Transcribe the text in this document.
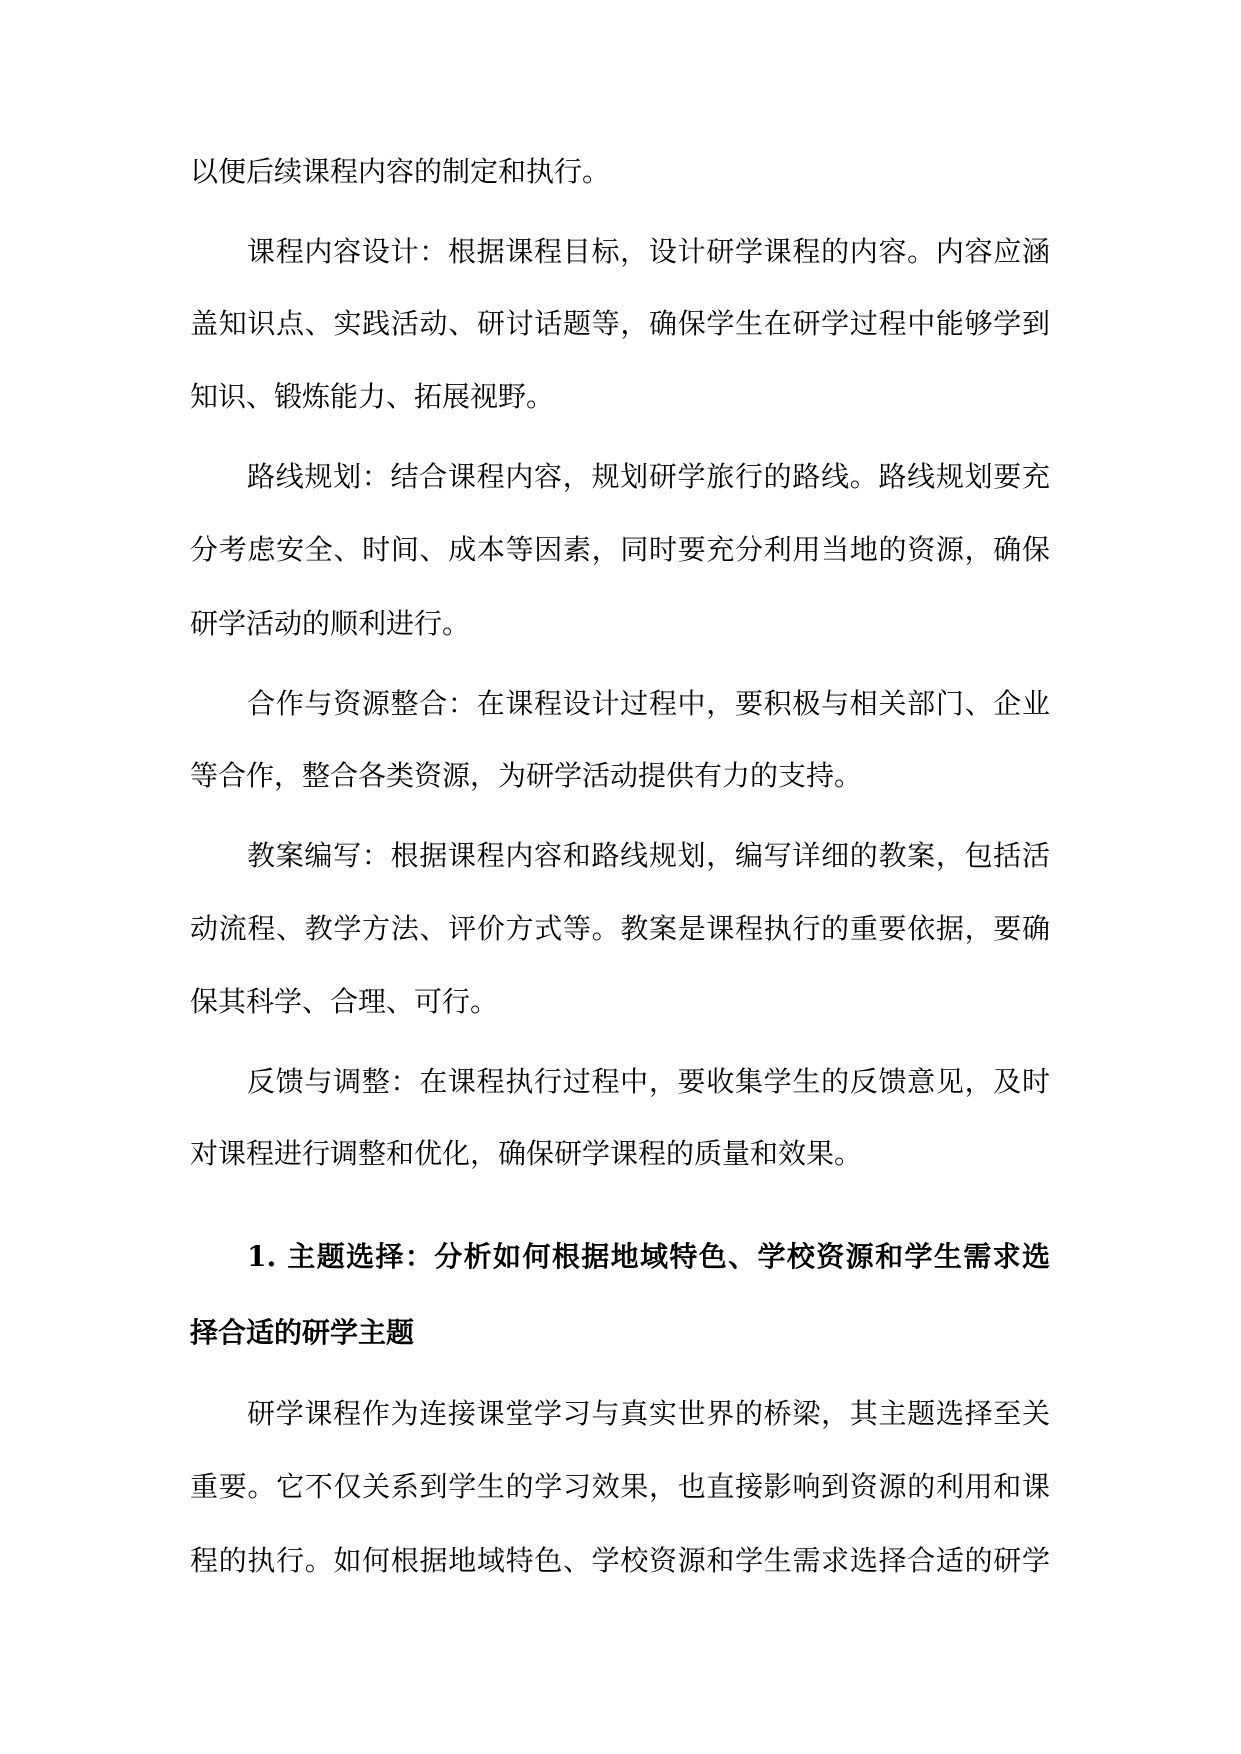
以便后续课程内容的制定和执行。
课程内容设计：根据课程目标，设计研学课程的内容。内容应涵
盖知识点、实践活动、研讨话题等，确保学生在研学过程中能够学到
知识、锻炼能力、拓展视野。
路线规划：结合课程内容，规划研学旅行的路线。路线规划要充
分考虑安全、时间、成本等因素，同时要充分利用当地的资源，确保
研学活动的顺利进行。
合作与资源整合：在课程设计过程中，要积极与相关部门、企业
等合作，整合各类资源，为研学活动提供有力的支持。
教案编写：根据课程内容和路线规划，编写详细的教案，包括活
动流程、教学方法、评价方式等。教案是课程执行的重要依据，要确
保其科学、合理、可行。
反馈与调整：在课程执行过程中，要收集学生的反馈意见，及时
对课程进行调整和优化，确保研学课程的质量和效果。
1. 主题选择：分析如何根据地域特色、学校资源和学生需求选
择合适的研学主题
研学课程作为连接课堂学习与真实世界的桥梁，其主题选择至关
重要。它不仅关系到学生的学习效果，也直接影响到资源的利用和课
程的执行。如何根据地域特色、学校资源和学生需求选择合适的研学
